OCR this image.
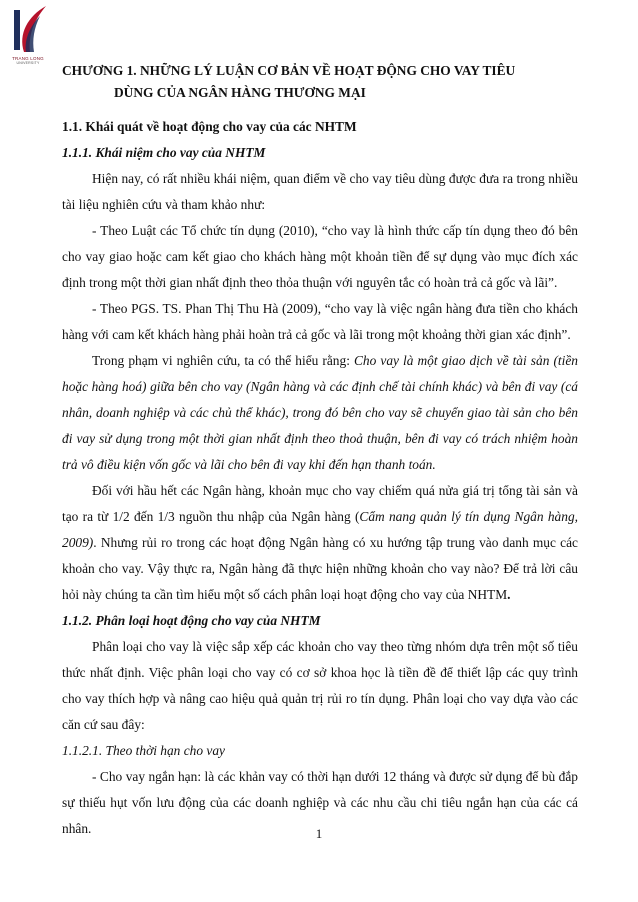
TRANG LONG
UNIVERSITY	CHƯƠNG 1. NHỮNG LÝ LUẬN CƠ BẢN VỀ HOẠT ĐỘNG CHO VAY TIÊU
DÙNG CỦA NGÂN HÀNG THƯƠNG MẠI

1.1. Khái quát về hoạt động cho vay của các NHTM

1.1.1. Khái niệm cho vay của NHTM

Hiện nay, có rất nhiều khái niệm, quan điểm về cho vay tiêu dùng được đưa ra trong nhiều tài liệu nghiên cứu và tham khảo như:

- Theo Luật các Tổ chức tín dụng (2010), “cho vay là hình thức cấp tín dụng theo đó bên cho vay giao hoặc cam kết giao cho khách hàng một khoản tiền để sự dụng vào mục đích xác định trong một thời gian nhất định theo thỏa thuận với nguyên tắc có hoàn trả cả gốc và lãi”.

- Theo PGS. TS. Phan Thị Thu Hà (2009), “cho vay là việc ngân hàng đưa tiền cho khách hàng với cam kết khách hàng phải hoàn trả cả gốc và lãi trong một khoảng thời gian xác định”.

Trong phạm vi nghiên cứu, ta có thể hiểu rằng: Cho vay là một giao dịch về tài sản (tiền hoặc hàng hoá) giữa bên cho vay (Ngân hàng và các định chế tài chính khác) và bên đi vay (cá nhân, doanh nghiệp và các chủ thể khác), trong đó bên cho vay sẽ chuyển giao tài sản cho bên đi vay sử dụng trong một thời gian nhất định theo thoả thuận, bên đi vay có trách nhiệm hoàn trả vô điều kiện vốn gốc và lãi cho bên đi vay khi đến hạn thanh toán.

Đối với hầu hết các Ngân hàng, khoản mục cho vay chiếm quá nửa giá trị tổng tài sản và tạo ra từ 1/2 đến 1/3 nguồn thu nhập của Ngân hàng (Cẩm nang quản lý tín dụng Ngân hàng, 2009). Nhưng rủi ro trong các hoạt động Ngân hàng có xu hướng tập trung vào danh mục các khoản cho vay. Vậy thực ra, Ngân hàng đã thực hiện những khoản cho vay nào? Để trả lời câu hỏi này chúng ta cần tìm hiểu một số cách phân loại hoạt động cho vay của NHTM.

1.1.2. Phân loại hoạt động cho vay của NHTM

Phân loại cho vay là việc sắp xếp các khoản cho vay theo từng nhóm dựa trên một số tiêu thức nhất định. Việc phân loại cho vay có cơ sở khoa học là tiền đề để thiết lập các quy trình cho vay thích hợp và nâng cao hiệu quả quản trị rủi ro tín dụng. Phân loại cho vay dựa vào các căn cứ sau đây:

1.1.2.1. Theo thời hạn cho vay

- Cho vay ngắn hạn: là các khản vay có thời hạn dưới 12 tháng và được sử dụng để bù đắp sự thiếu hụt vốn lưu động của các doanh nghiệp và các nhu cầu chi tiêu ngắn hạn của các cá nhân.	1
